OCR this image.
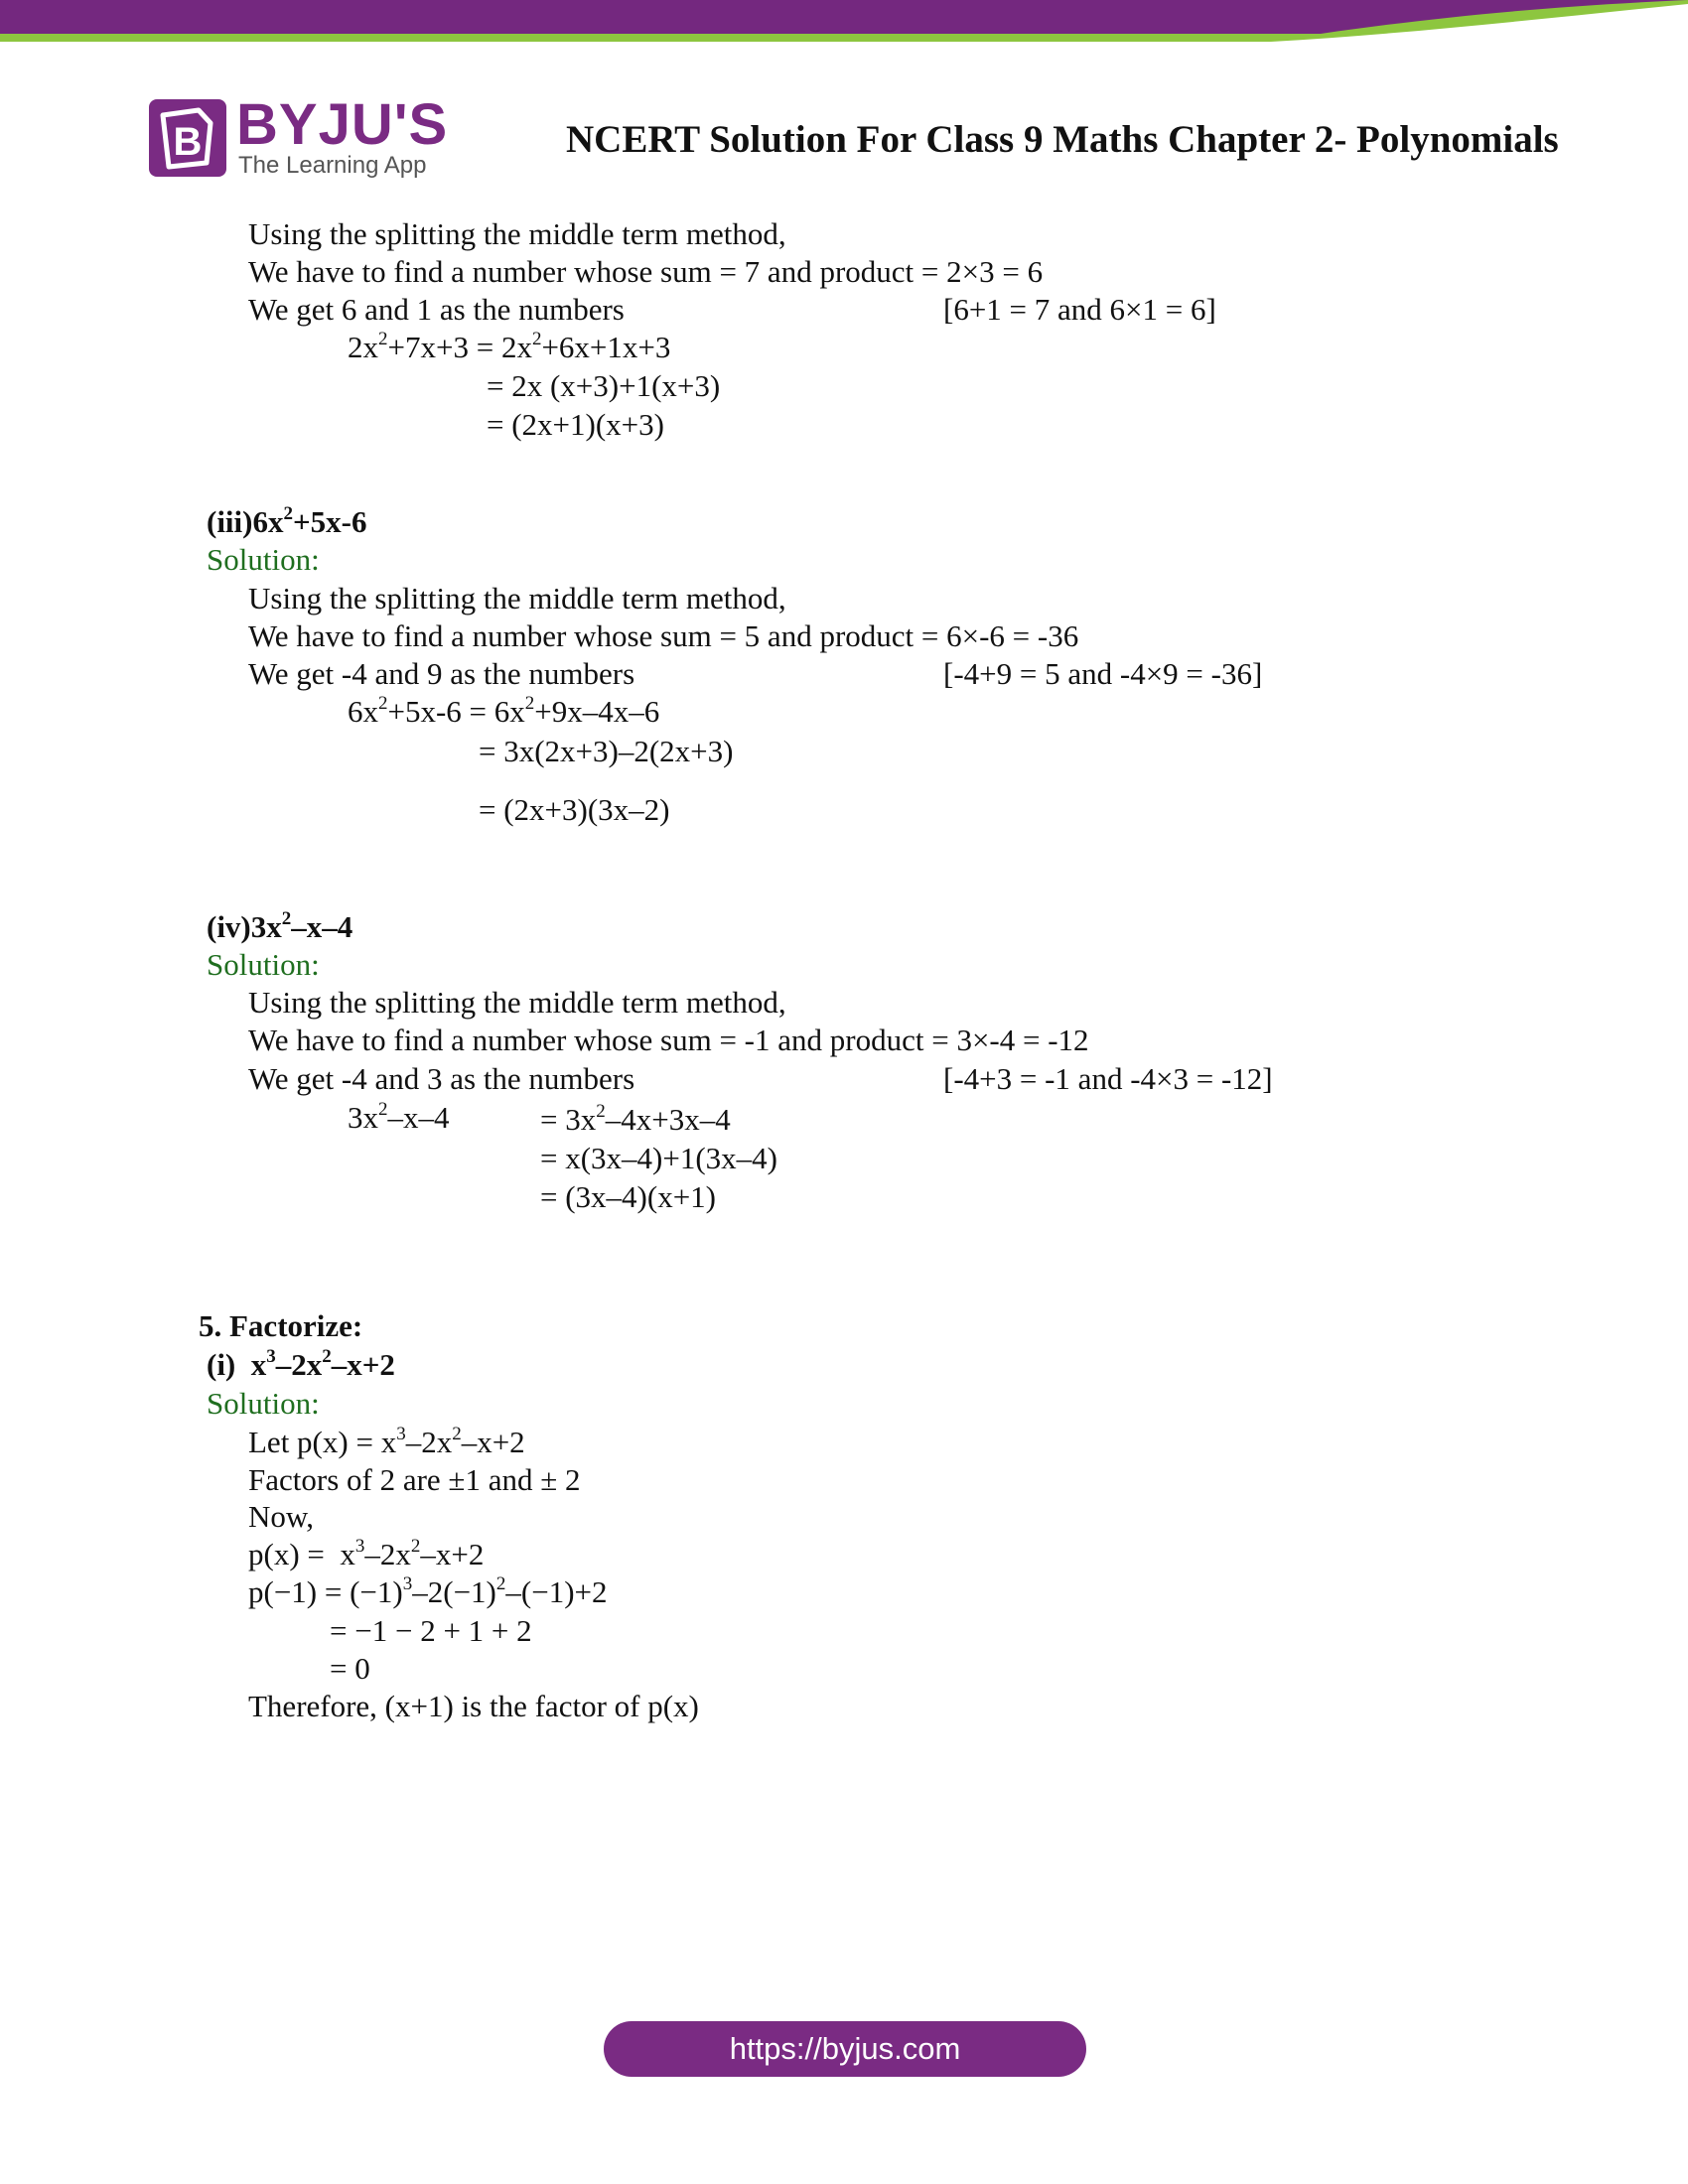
B BYJU'S
The Learning App
NCERT Solution For Class 9 Maths Chapter 2- Polynomials
Using the splitting the middle term method,
We have to find a number whose sum = 7 and product = 2×3 = 6
We get 6 and 1 as the numbers	[6+1 = 7 and 6×1 = 6]
$2x^2+7x+3 = 2x^2+6x+1x+3$
= 2x (x+3)+1(x+3)
= (2x+1)(x+3)
$(iii)6x^2+5x-6$
Solution:
Using the splitting the middle term method,
We have to find a number whose sum = 5 and product = 6×-6 = -36
We get -4 and 9 as the numbers	[-4+9 = 5 and -4×9 = -36]
$6x^2+5x-6 = 6x^2+9x-4x-6$
= 3x(2x+3)–2(2x+3)
= (2x+3)(3x–2)
$(iv)3x^2-x-4$
Solution:
Using the splitting the middle term method,
We have to find a number whose sum = -1 and product = 3×-4 = -12
We get -4 and 3 as the numbers	[-4+3 = -1 and -4×3 = -12]
$3x^2-x-4$	= $3x^2-4x+3x-4$
= x(3x–4)+1(3x–4)
= (3x–4)(x+1)
5. Factorize:
(i)  $x^3-2x^2-x+2$
Solution:
Let $p(x) = x^3-2x^2-x+2$
Factors of 2 are ±1 and ± 2
Now,
$p(x) = x^3-2x^2-x+2$
$p(-1) = (-1)^3-2(-1)^2-(-1)+2$
= −1 − 2 + 1 + 2
= 0
Therefore, (x+1) is the factor of p(x)
https://byjus.com
